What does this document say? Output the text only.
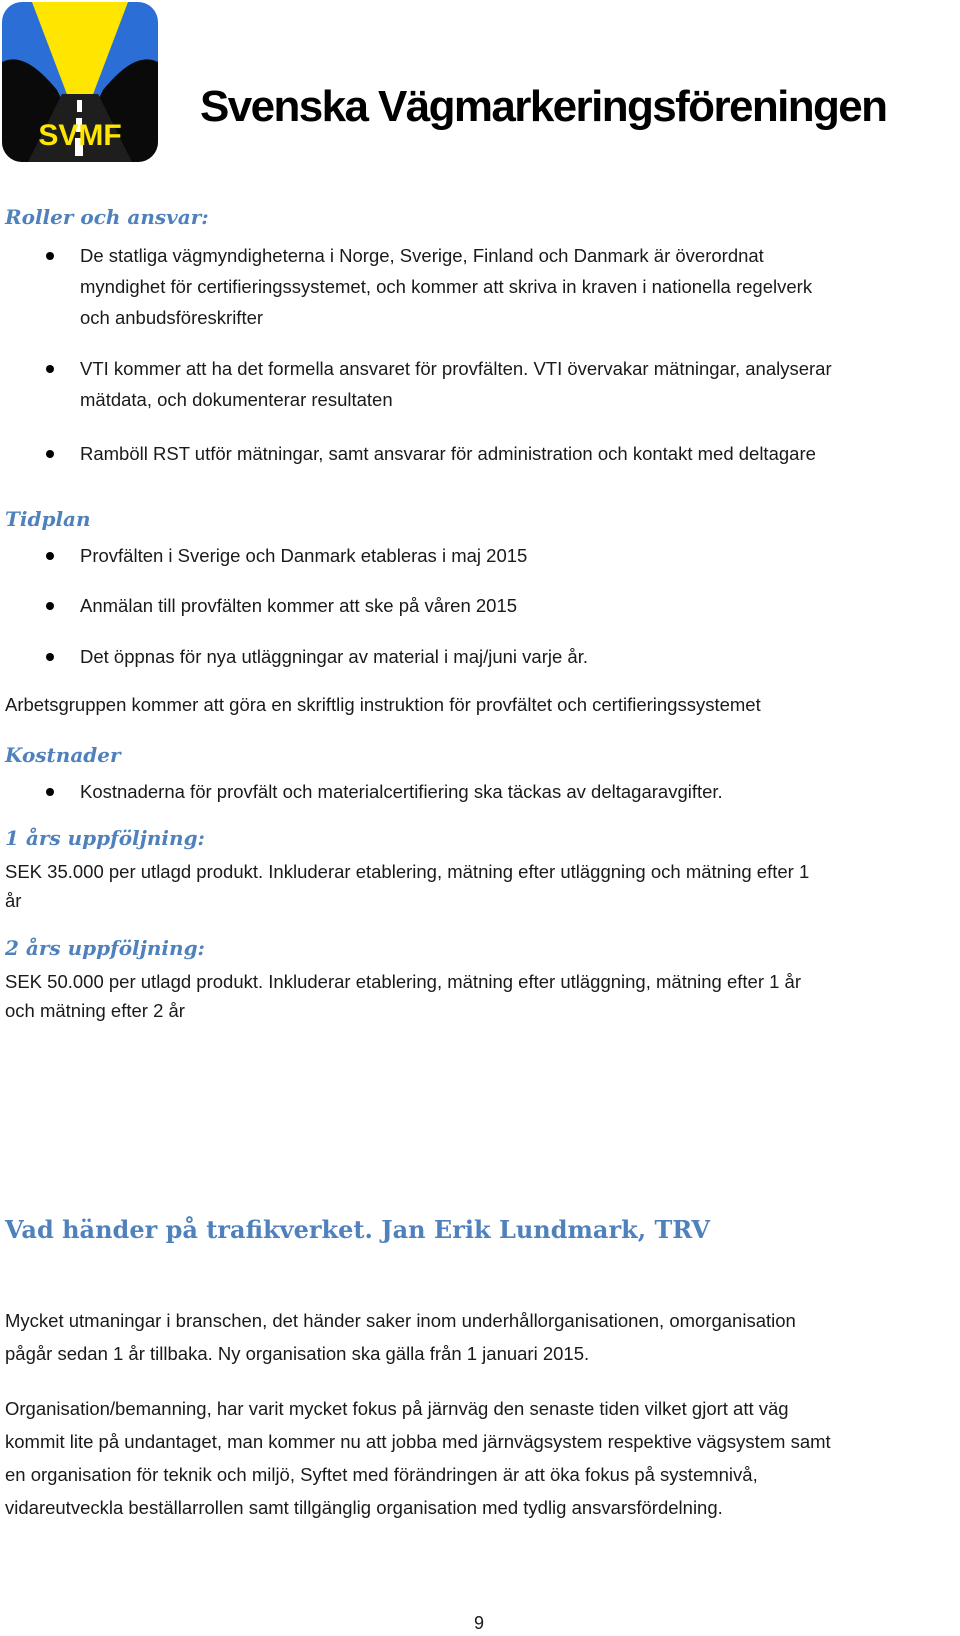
SVMF
Svenska Vägmarkeringsföreningen
Roller och ansvar:
De statliga vägmyndigheterna i Norge, Sverige, Finland och Danmark är överordnat
myndighet för certifieringssystemet, och kommer att skriva in kraven i nationella regelverk
och anbudsföreskrifter
VTI kommer att ha det formella ansvaret för provfälten. VTI övervakar mätningar, analyserar
mätdata, och dokumenterar resultaten
Ramböll RST utför mätningar, samt ansvarar för administration och kontakt med deltagare
Tidplan
Provfälten i Sverige och Danmark etableras i maj 2015
Anmälan till provfälten kommer att ske på våren 2015
Det öppnas för nya utläggningar av material i maj/juni varje år.
Arbetsgruppen kommer att göra en skriftlig instruktion för provfältet och certifieringssystemet
Kostnader
Kostnaderna för provfält och materialcertifiering ska täckas av deltagaravgifter.
1 års uppföljning:
SEK 35.000 per utlagd produkt. Inkluderar etablering, mätning efter utläggning och mätning efter 1
år
2 års uppföljning:
SEK 50.000 per utlagd produkt. Inkluderar etablering, mätning efter utläggning, mätning efter 1 år
och mätning efter 2 år
Vad händer på trafikverket. Jan Erik Lundmark, TRV
Mycket utmaningar i branschen, det händer saker inom underhållorganisationen, omorganisation
pågår sedan 1 år tillbaka. Ny organisation ska gälla från 1 januari 2015.
Organisation/bemanning, har varit mycket fokus på järnväg den senaste tiden vilket gjort att väg
kommit lite på undantaget, man kommer nu att jobba med järnvägsystem respektive vägsystem samt
en organisation för teknik och miljö, Syftet med förändringen är att öka fokus på systemnivå,
vidareutveckla beställarrollen samt tillgänglig organisation med tydlig ansvarsfördelning.
9
